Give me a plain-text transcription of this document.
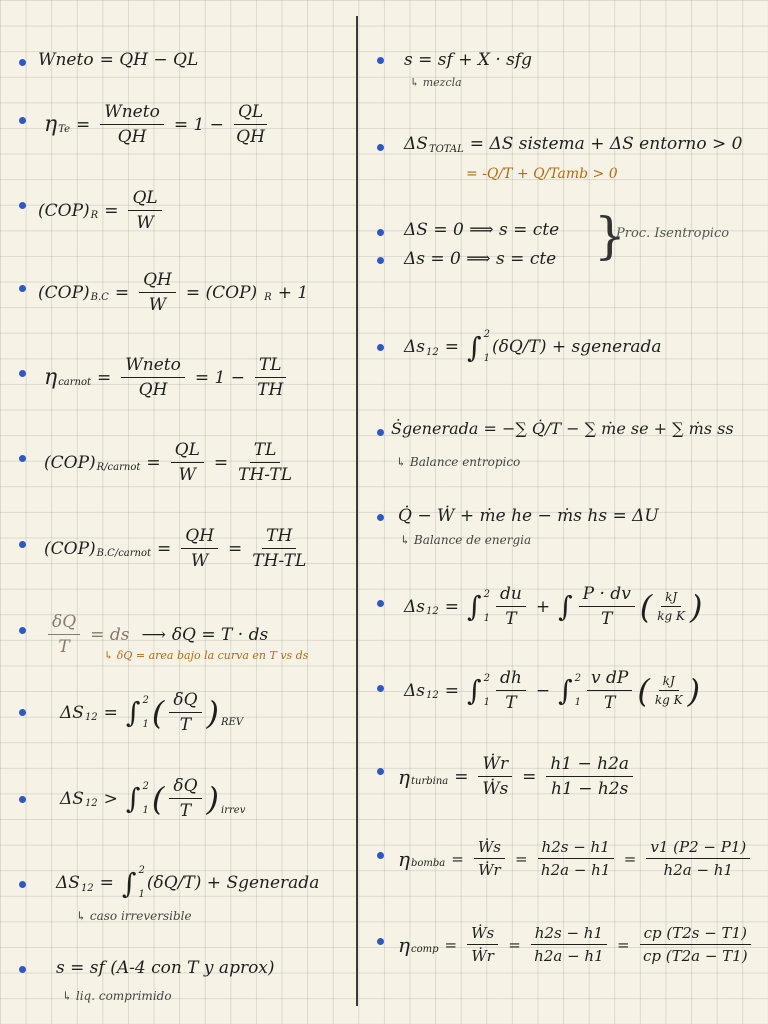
Wneto = QH − QL
η $Te = \frac{\text{Wneto}}{QH} = 1 - \frac{QL}{QH}$
(COP) $R = \frac{QL}{W}$
(COP) $B.C = \frac{QH}{W} = (COP) R + 1$
η carnot = $\frac{\text{Wneto}}{QH} = 1 - \frac{TL}{TH}$
(COP) R/carnot = $\frac{QL}{W} = \frac{TL}{TH-TL}$
(COP) B.C/carnot = $\frac{QH}{W} = \frac{TH}{TH-TL}$
$\frac{\delta Q}{T}$ = ds ⟶ δQ = T · ds
↳ δQ = area bajo la curva en T vs ds
ΔS 12 = ∫ 2
1 ( $\frac{\delta Q}{T}$ ) REV
ΔS 12 > ∫ 2
1 ( $\frac{\delta Q}{T}$ ) irrev
ΔS 12 = ∫ 2
1
(δQ/T) + Sgenerada
↳ caso irreversible
s = sf (A-4 con T y aprox)
↳ liq. comprimido
s = sf + X · sfg
↳ mezcla
ΔS TOTAL = ΔS sistema + ΔS entorno > 0
= -Q/T + Q/Tamb > 0
ΔS = 0 ⟹ s = cte
Δs = 0 ⟹ s = cte }
Proc. Isentropico
Δs 12 = ∫ 2
1
(δQ/T) + sgenerada
Ṡgenerada = −∑ Q̇/T − ∑ ṁe se + ∑ ṁs ss
↳ Balance entropico
Q̇ − Ẇ + ṁe he − ṁs hs = ΔU
↳ Balance de energia
Δs 12 = ∫ 2
$1 \frac{du}{T}$ + ∫ $\frac{P \cdot dv}{T}$ ( $\frac{kJ}{\text{kg K}}$ )
Δs 12 = ∫ 2
$1 \frac{dh}{T}$ − ∫ 2
$1 \frac{\text{v dP}}{T}$ ( $\frac{kJ}{\text{kg K}}$ )
η turbina = $\frac{\text{Ẇr}}{\text{Ẇs}} = \frac{h1 - h2a}{h1 - h2s}$
η bomba = $\frac{\text{Ẇs}}{\text{Ẇr}} = \frac{h2s - h1}{h2a - h1} = \frac{v1 (P2 - P1)}{h2a - h1}$
η comp = $\frac{\text{Ẇs}}{\text{Ẇr}} = \frac{h2s - h1}{h2a - h1} = \frac{cp (T2s - T1)}{cp (T2a - T1)}$
